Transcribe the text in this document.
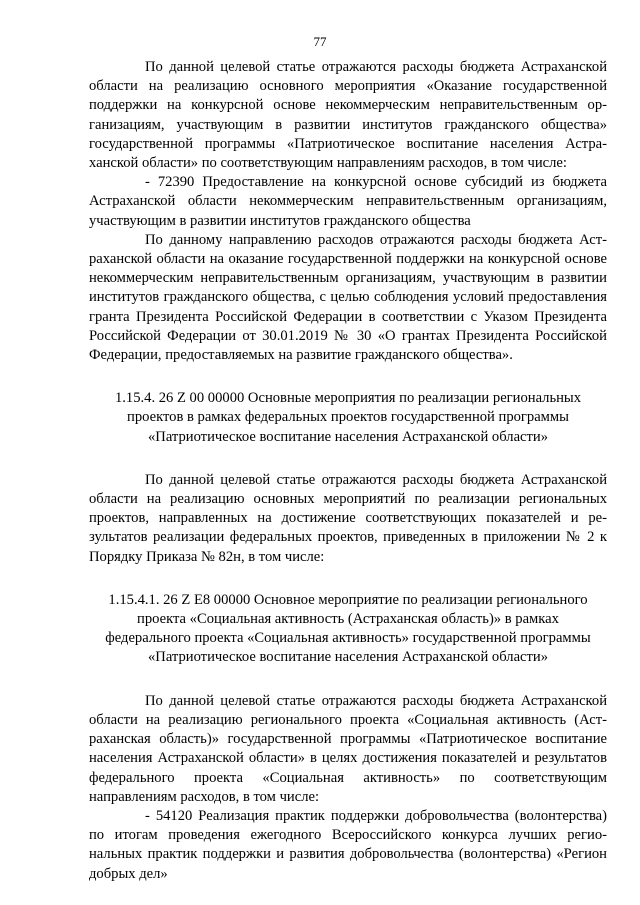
77

По данной целевой статье отражаются расходы бюджета Астраханской области на реализацию основного мероприятия «Оказание государственной поддержки на конкурсной основе некоммерческим неправительственным организациям, участвующим в развитии институтов гражданского общества» государственной программы «Патриотическое воспитание населения Астраханской области» по соответствующим направлениям расходов, в том числе:

- 72390 Предоставление на конкурсной основе субсидий из бюджета Астраханской области некоммерческим неправительственным организациям, участвующим в развитии институтов гражданского общества

По данному направлению расходов отражаются расходы бюджета Астраханской области на оказание государственной поддержки на конкурсной основе некоммерческим неправительственным организациям, участвующим в развитии институтов гражданского общества, с целью соблюдения условий предоставления гранта Президента Российской Федерации в соответствии с Указом Президента Российской Федерации от 30.01.2019 № 30 «О грантах Президента Российской Федерации, предоставляемых на развитие гражданского общества».

1.15.4. 26 Z 00 00000 Основные мероприятия по реализации региональных проектов в рамках федеральных проектов государственной программы «Патриотическое воспитание населения Астраханской области»

По данной целевой статье отражаются расходы бюджета Астраханской области на реализацию основных мероприятий по реализации региональных проектов, направленных на достижение соответствующих показателей и результатов реализации федеральных проектов, приведенных в приложении № 2 к Порядку Приказа № 82н, в том числе:

1.15.4.1. 26 Z E8 00000 Основное мероприятие по реализации регионального проекта «Социальная активность (Астраханская область)» в рамках федерального проекта «Социальная активность» государственной программы «Патриотическое воспитание населения Астраханской области»

По данной целевой статье отражаются расходы бюджета Астраханской области на реализацию регионального проекта «Социальная активность (Астраханская область)» государственной программы «Патриотическое воспитание населения Астраханской области» в целях достижения показателей и результатов федерального проекта «Социальная активность» по соответствующим направлениям расходов, в том числе:

- 54120 Реализация практик поддержки добровольчества (волонтерства) по итогам проведения ежегодного Всероссийского конкурса лучших региональных практик поддержки и развития добровольчества (волонтерства) «Регион добрых дел»
